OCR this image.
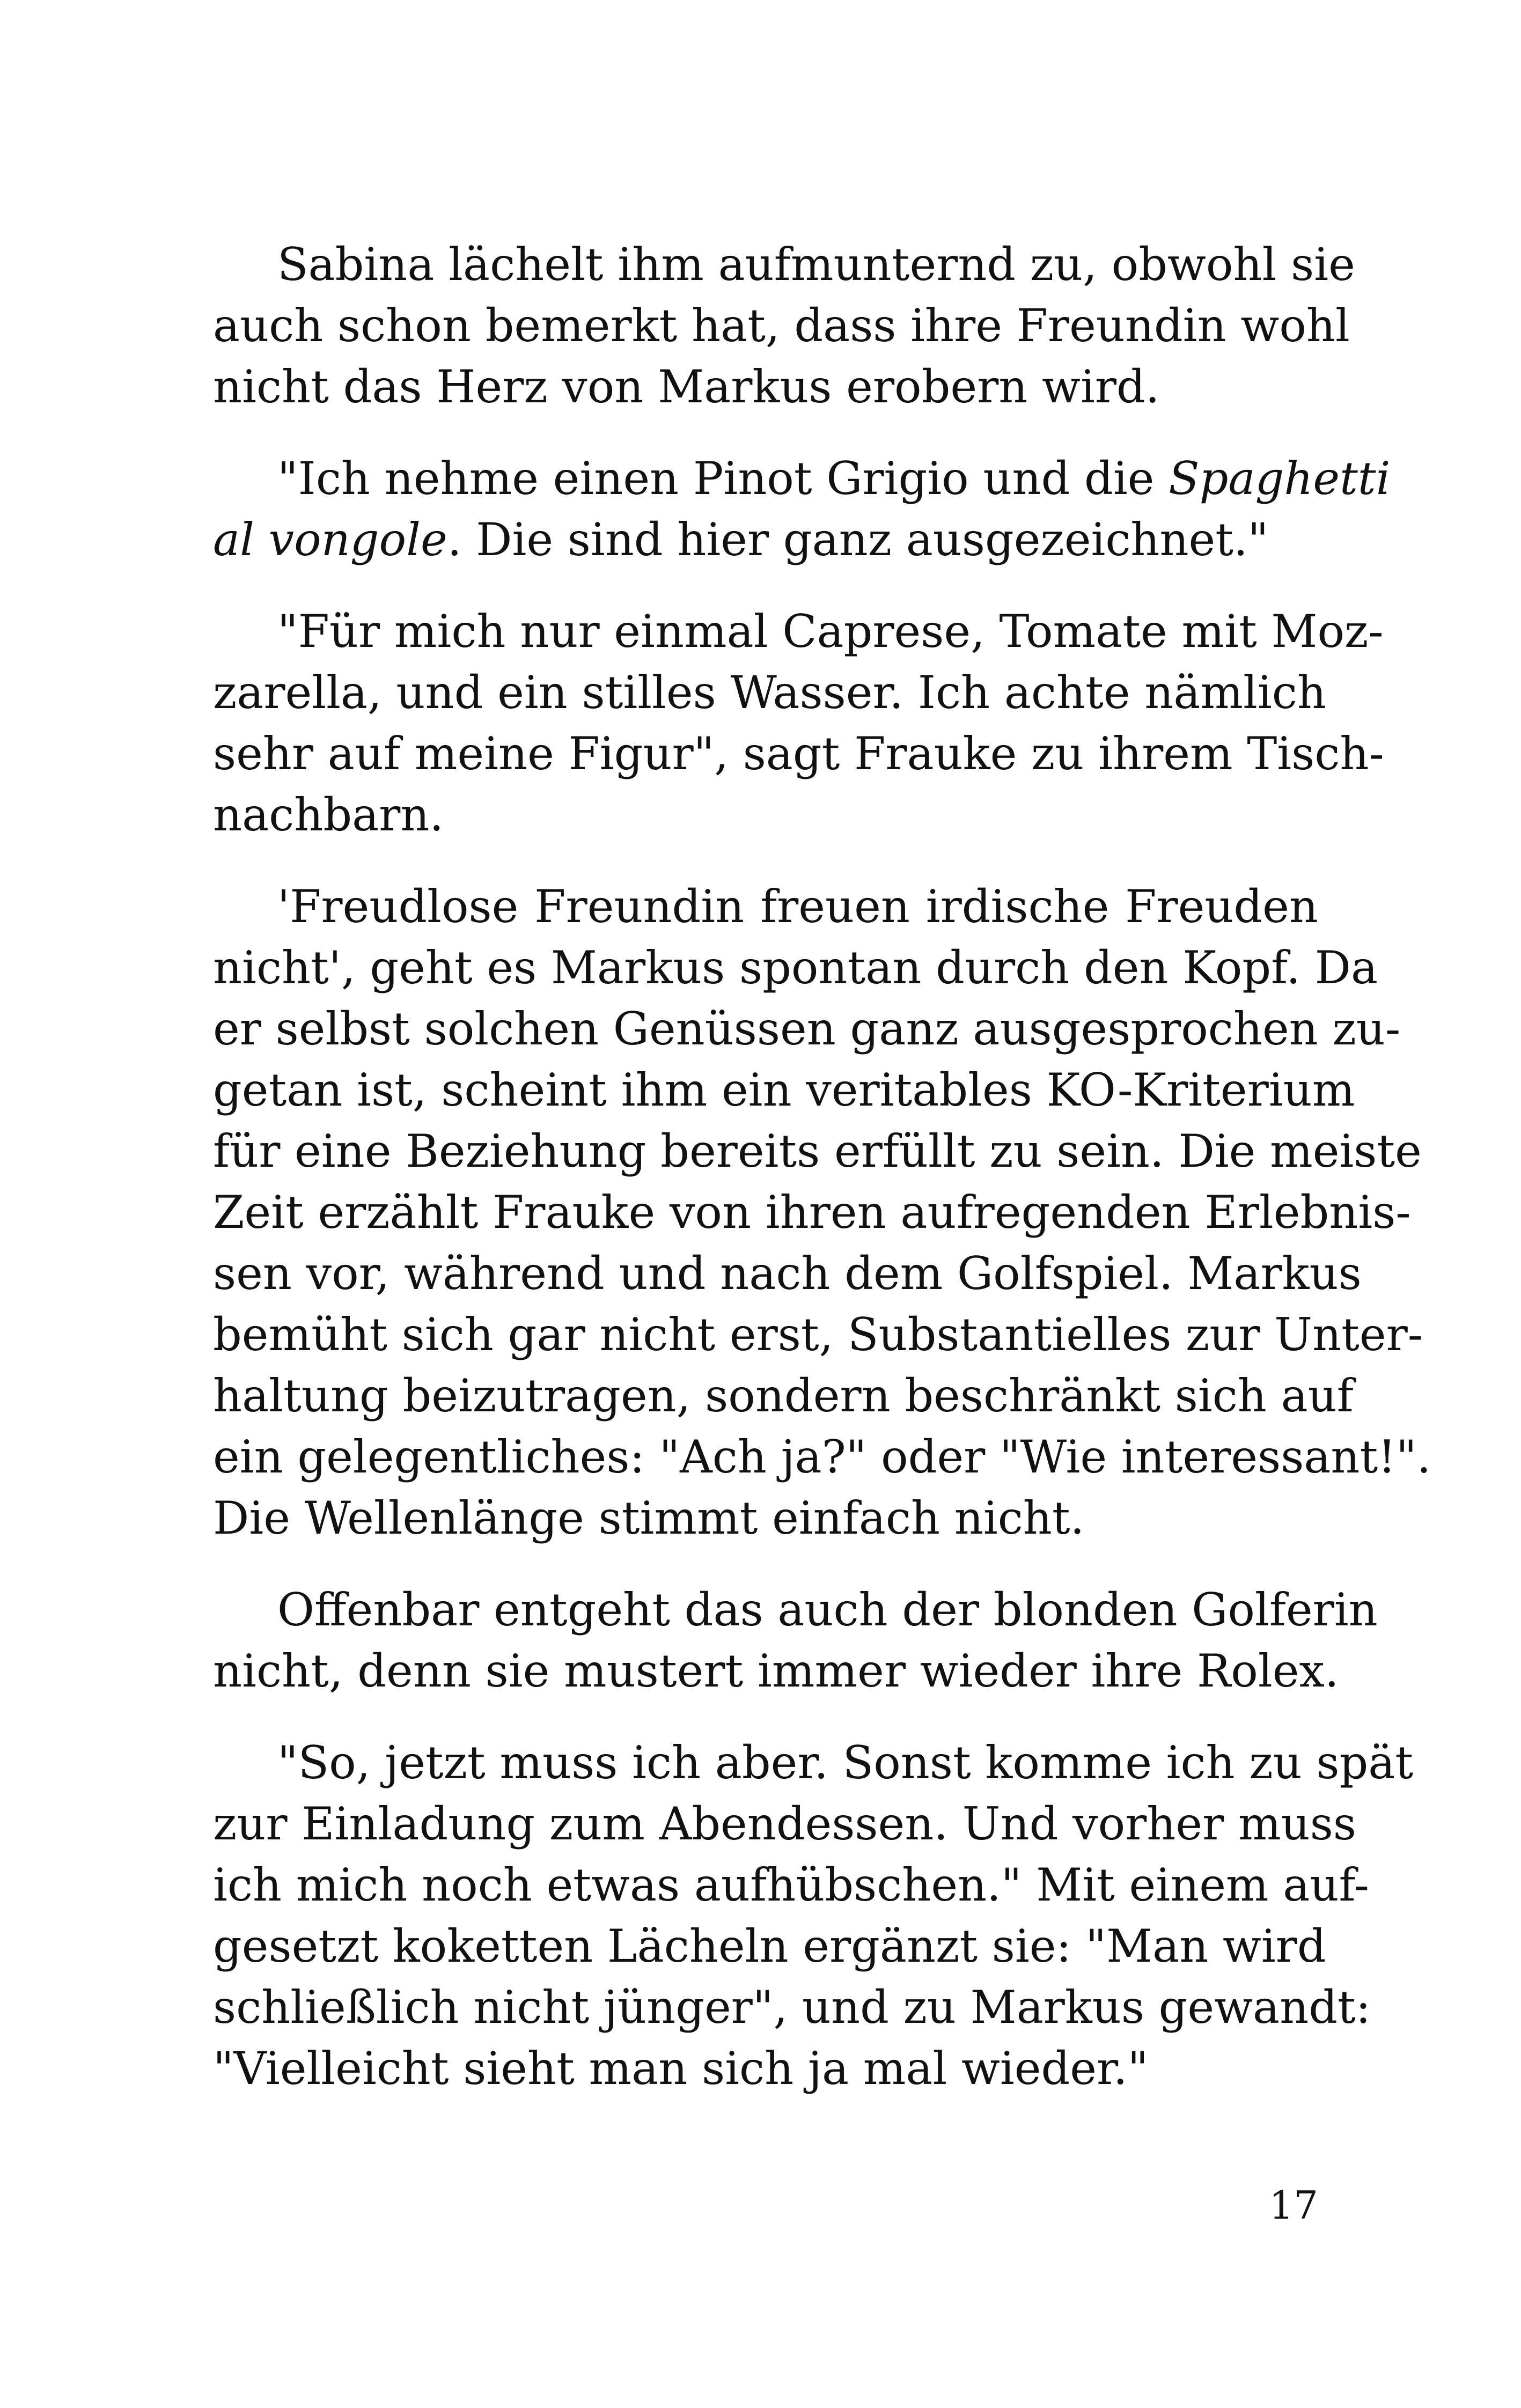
Sabina lächelt ihm aufmunternd zu, obwohl sie
auch schon bemerkt hat, dass ihre Freundin wohl
nicht das Herz von Markus erobern wird.

"Ich nehme einen Pinot Grigio und die Spaghetti
al vongole. Die sind hier ganz ausgezeichnet."

"Für mich nur einmal Caprese, Tomate mit Moz-
zarella, und ein stilles Wasser. Ich achte nämlich
sehr auf meine Figur", sagt Frauke zu ihrem Tisch-
nachbarn.

'Freudlose Freundin freuen irdische Freuden
nicht', geht es Markus spontan durch den Kopf. Da
er selbst solchen Genüssen ganz ausgesprochen zu-
getan ist, scheint ihm ein veritables KO-Kriterium
für eine Beziehung bereits erfüllt zu sein. Die meiste
Zeit erzählt Frauke von ihren aufregenden Erlebnis-
sen vor, während und nach dem Golfspiel. Markus
bemüht sich gar nicht erst, Substantielles zur Unter-
haltung beizutragen, sondern beschränkt sich auf
ein gelegentliches: "Ach ja?" oder "Wie interessant!".
Die Wellenlänge stimmt einfach nicht.

Offenbar entgeht das auch der blonden Golferin
nicht, denn sie mustert immer wieder ihre Rolex.

"So, jetzt muss ich aber. Sonst komme ich zu spät
zur Einladung zum Abendessen. Und vorher muss
ich mich noch etwas aufhübschen." Mit einem auf-
gesetzt koketten Lächeln ergänzt sie: "Man wird
schließlich nicht jünger", und zu Markus gewandt:
"Vielleicht sieht man sich ja mal wieder."

17
